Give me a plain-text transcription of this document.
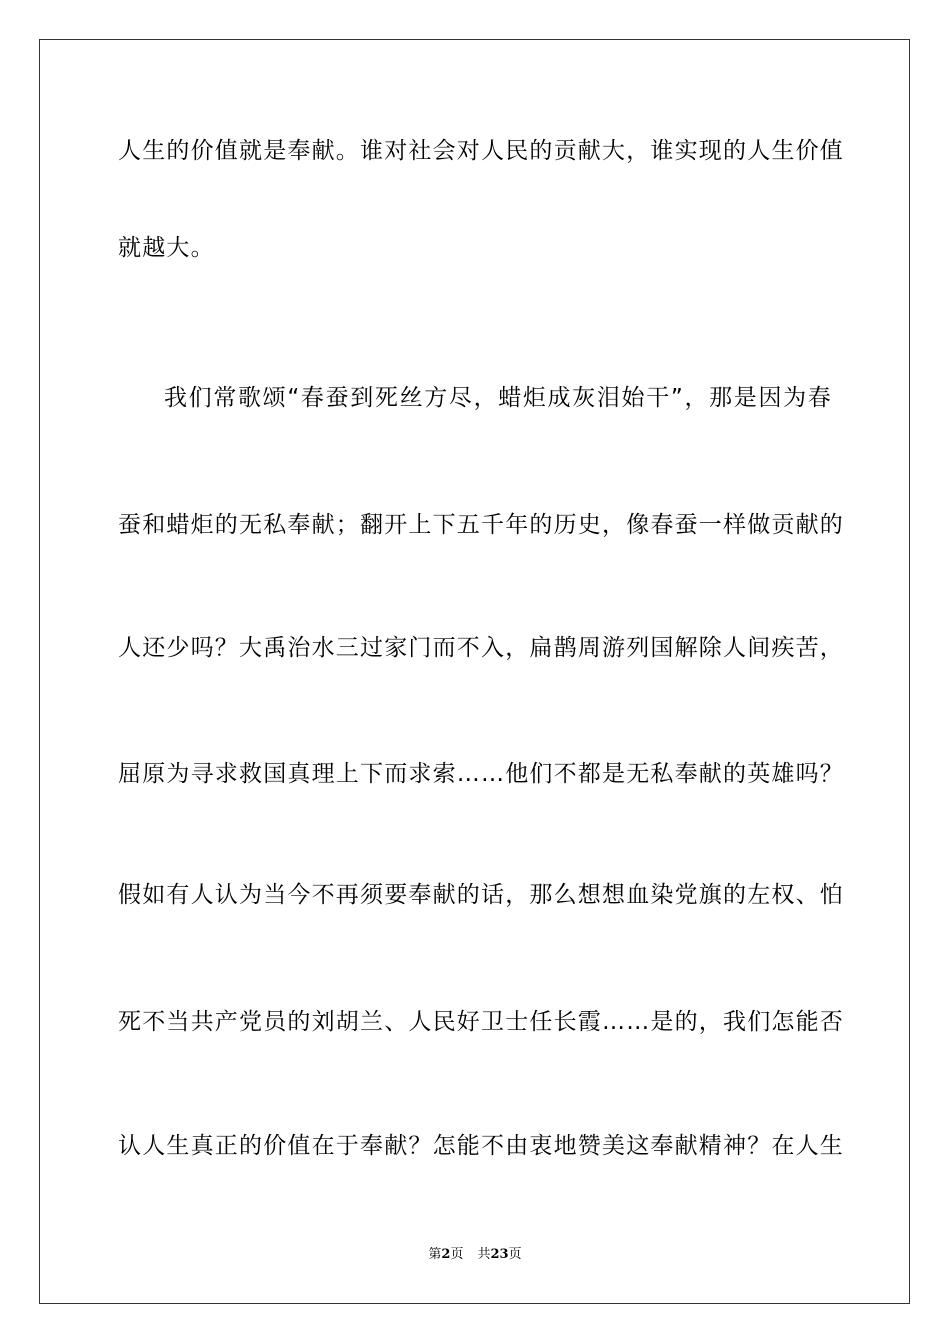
人生的价值就是奉献。谁对社会对人民的贡献大，谁实现的人生价值
就越大。
我们常歌颂“春蚕到死丝方尽，蜡炬成灰泪始干”，那是因为春
蚕和蜡炬的无私奉献；翻开上下五千年的历史，像春蚕一样做贡献的
人还少吗？大禹治水三过家门而不入，扁鹊周游列国解除人间疾苦，
屈原为寻求救国真理上下而求索……他们不都是无私奉献的英雄吗？
假如有人认为当今不再须要奉献的话，那么想想血染党旗的左权、怕
死不当共产党员的刘胡兰、人民好卫士任长霞……是的，我们怎能否
认人生真正的价值在于奉献？怎能不由衷地赞美这奉献精神？在人生
第2页 共23页
